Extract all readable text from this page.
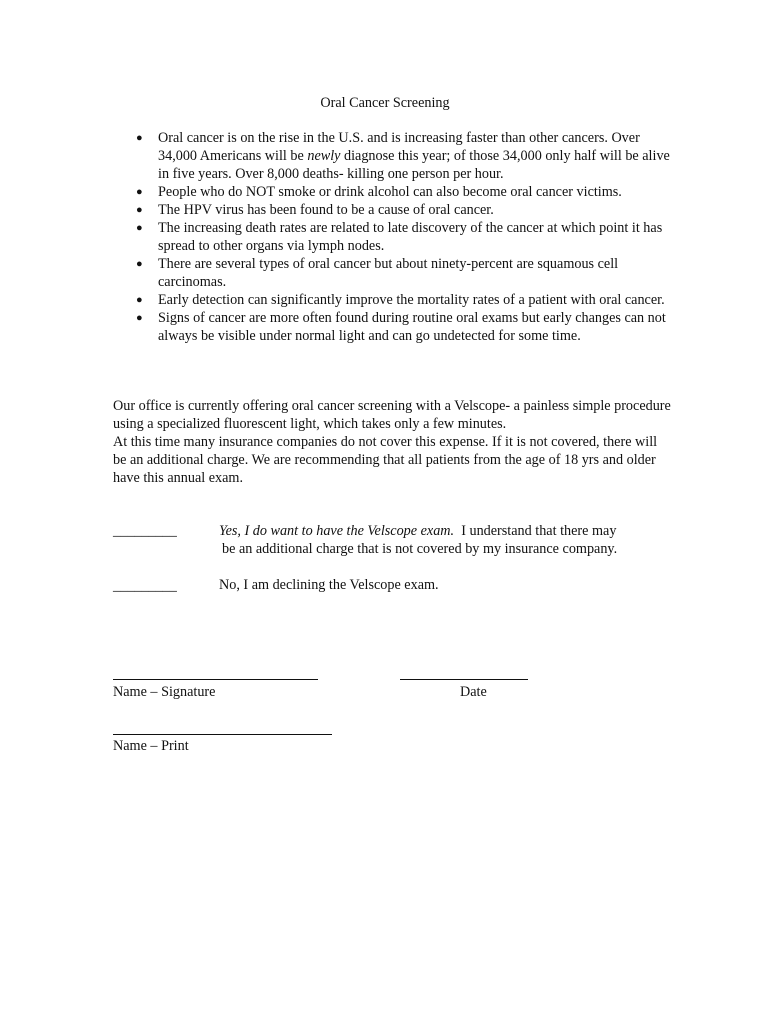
Oral Cancer Screening
● Oral cancer is on the rise in the U.S. and is increasing faster than other cancers. Over 34,000 Americans will be newly diagnose this year; of those 34,000 only half will be alive in five years. Over 8,000 deaths- killing one person per hour.
● People who do NOT smoke or drink alcohol can also become oral cancer victims.
● The HPV virus has been found to be a cause of oral cancer.
● The increasing death rates are related to late discovery of the cancer at which point it has spread to other organs via lymph nodes.
● There are several types of oral cancer but about ninety-percent are squamous cell carcinomas.
● Early detection can significantly improve the mortality rates of a patient with oral cancer.
● Signs of cancer are more often found during routine oral exams but early changes can not always be visible under normal light and can go undetected for some time.

Our office is currently offering oral cancer screening with a Velscope- a painless simple procedure using a specialized fluorescent light, which takes only a few minutes.

At this time many insurance companies do not cover this expense. If it is not covered, there will be an additional charge. We are recommending that all patients from the age of 18 yrs and older have this annual exam.

_________	Yes, I do want to have the Velscope exam.  I understand that there may
be an additional charge that is not covered by my insurance company.
_________	No, I am declining the Velscope exam.
Name – Signature	Date
Name – Print
